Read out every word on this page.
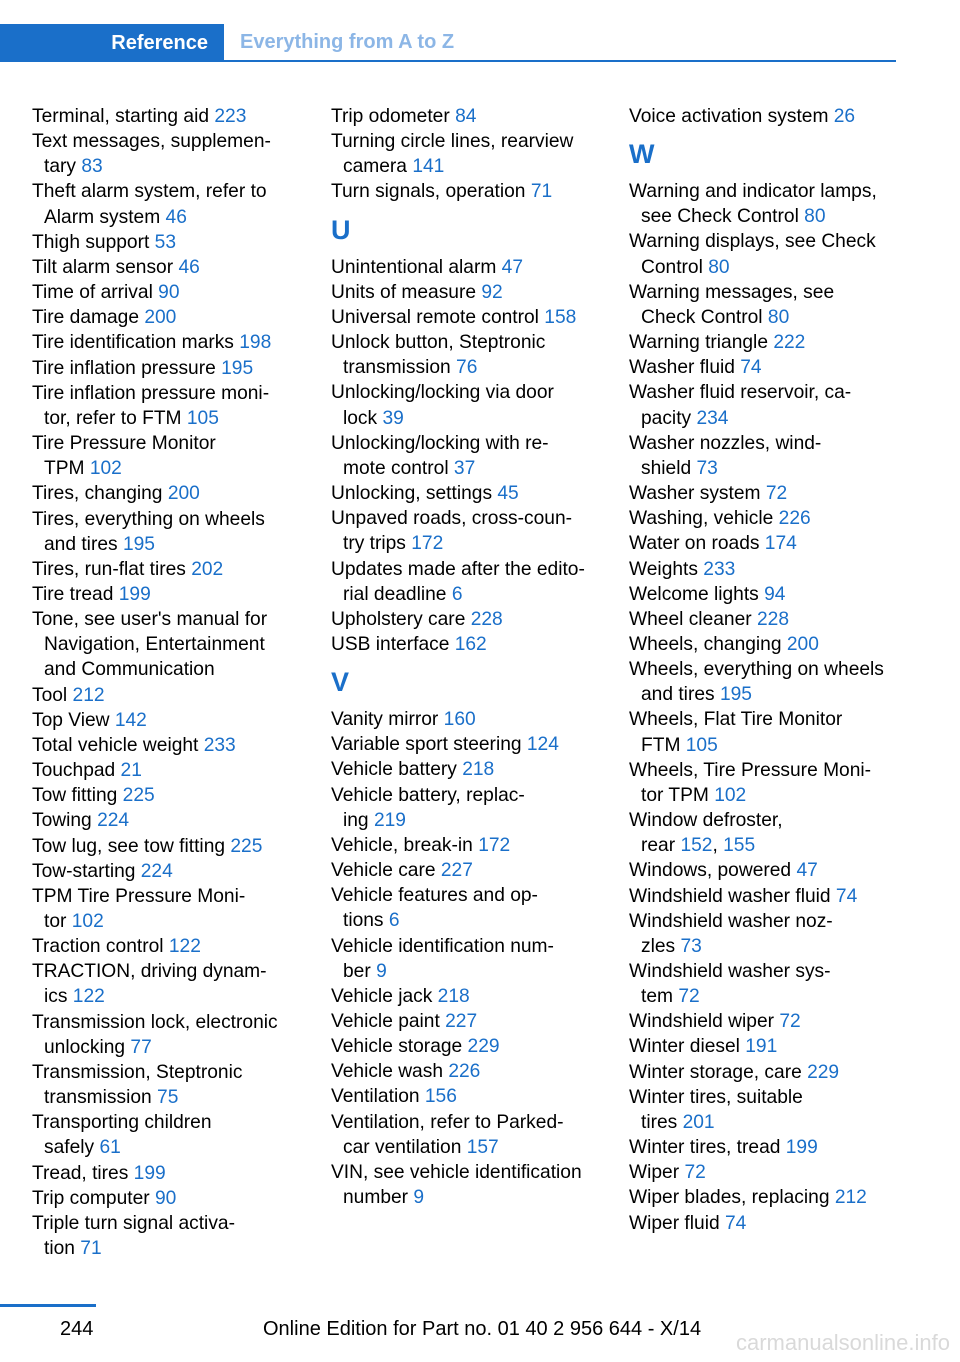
Reference	Everything from A to Z
Terminal, starting aid 223
Text messages, supplemen-
tary 83
Theft alarm system, refer to
Alarm system 46
Thigh support 53
Tilt alarm sensor 46
Time of arrival 90
Tire damage 200
Tire identification marks 198
Tire inflation pressure 195
Tire inflation pressure moni-
tor, refer to FTM 105
Tire Pressure Monitor
TPM 102
Tires, changing 200
Tires, everything on wheels
and tires 195
Tires, run-flat tires 202
Tire tread 199
Tone, see user's manual for
Navigation, Entertainment
and Communication
Tool 212
Top View 142
Total vehicle weight 233
Touchpad 21
Tow fitting 225
Towing 224
Tow lug, see tow fitting 225
Tow-starting 224
TPM Tire Pressure Moni-
tor 102
Traction control 122
TRACTION, driving dynam-
ics 122
Transmission lock, electronic
unlocking 77
Transmission, Steptronic
transmission 75
Transporting children
safely 61
Tread, tires 199
Trip computer 90
Triple turn signal activa-
tion 71
Trip odometer 84
Turning circle lines, rearview
camera 141
Turn signals, operation 71
U
Unintentional alarm 47
Units of measure 92
Universal remote control 158
Unlock button, Steptronic
transmission 76
Unlocking/locking via door
lock 39
Unlocking/locking with re-
mote control 37
Unlocking, settings 45
Unpaved roads, cross-coun-
try trips 172
Updates made after the edito-
rial deadline 6
Upholstery care 228
USB interface 162
V
Vanity mirror 160
Variable sport steering 124
Vehicle battery 218
Vehicle battery, replac-
ing 219
Vehicle, break-in 172
Vehicle care 227
Vehicle features and op-
tions 6
Vehicle identification num-
ber 9
Vehicle jack 218
Vehicle paint 227
Vehicle storage 229
Vehicle wash 226
Ventilation 156
Ventilation, refer to Parked-
car ventilation 157
VIN, see vehicle identification
number 9
Voice activation system 26
W
Warning and indicator lamps,
see Check Control 80
Warning displays, see Check
Control 80
Warning messages, see
Check Control 80
Warning triangle 222
Washer fluid 74
Washer fluid reservoir, ca-
pacity 234
Washer nozzles, wind-
shield 73
Washer system 72
Washing, vehicle 226
Water on roads 174
Weights 233
Welcome lights 94
Wheel cleaner 228
Wheels, changing 200
Wheels, everything on wheels
and tires 195
Wheels, Flat Tire Monitor
FTM 105
Wheels, Tire Pressure Moni-
tor TPM 102
Window defroster,
rear 152, 155
Windows, powered 47
Windshield washer fluid 74
Windshield washer noz-
zles 73
Windshield washer sys-
tem 72
Windshield wiper 72
Winter diesel 191
Winter storage, care 229
Winter tires, suitable
tires 201
Winter tires, tread 199
Wiper 72
Wiper blades, replacing 212
Wiper fluid 74
244	Online Edition for Part no. 01 40 2 956 644 - X/14
carmanualsonline.info
